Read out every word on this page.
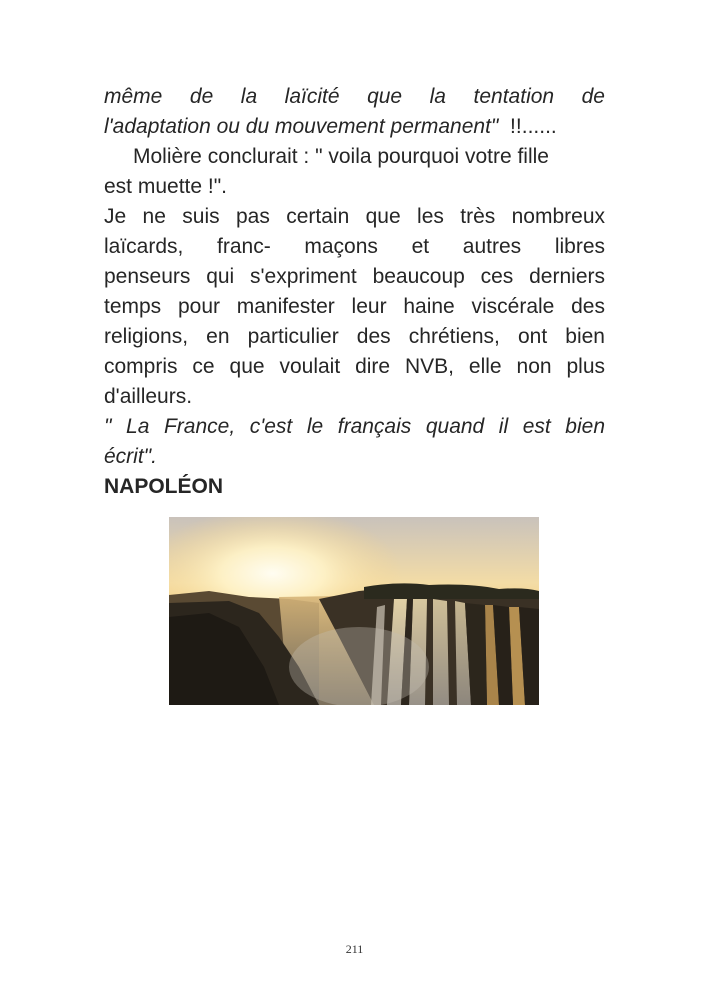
même de la laïcité que la tentation de
l'adaptation ou du mouvement permanent"  !!......
Molière conclurait : " voila pourquoi votre fille
est muette !".
Je ne suis pas certain que les très nombreux
laïcards, franc- maçons et autres libres
penseurs qui s'expriment beaucoup ces derniers
temps pour manifester leur haine viscérale des
religions, en particulier des chrétiens, ont bien
compris ce que voulait dire NVB, elle non plus
d'ailleurs.
" La France, c'est le français quand il est bien
écrit".
NAPOLÉON
211
